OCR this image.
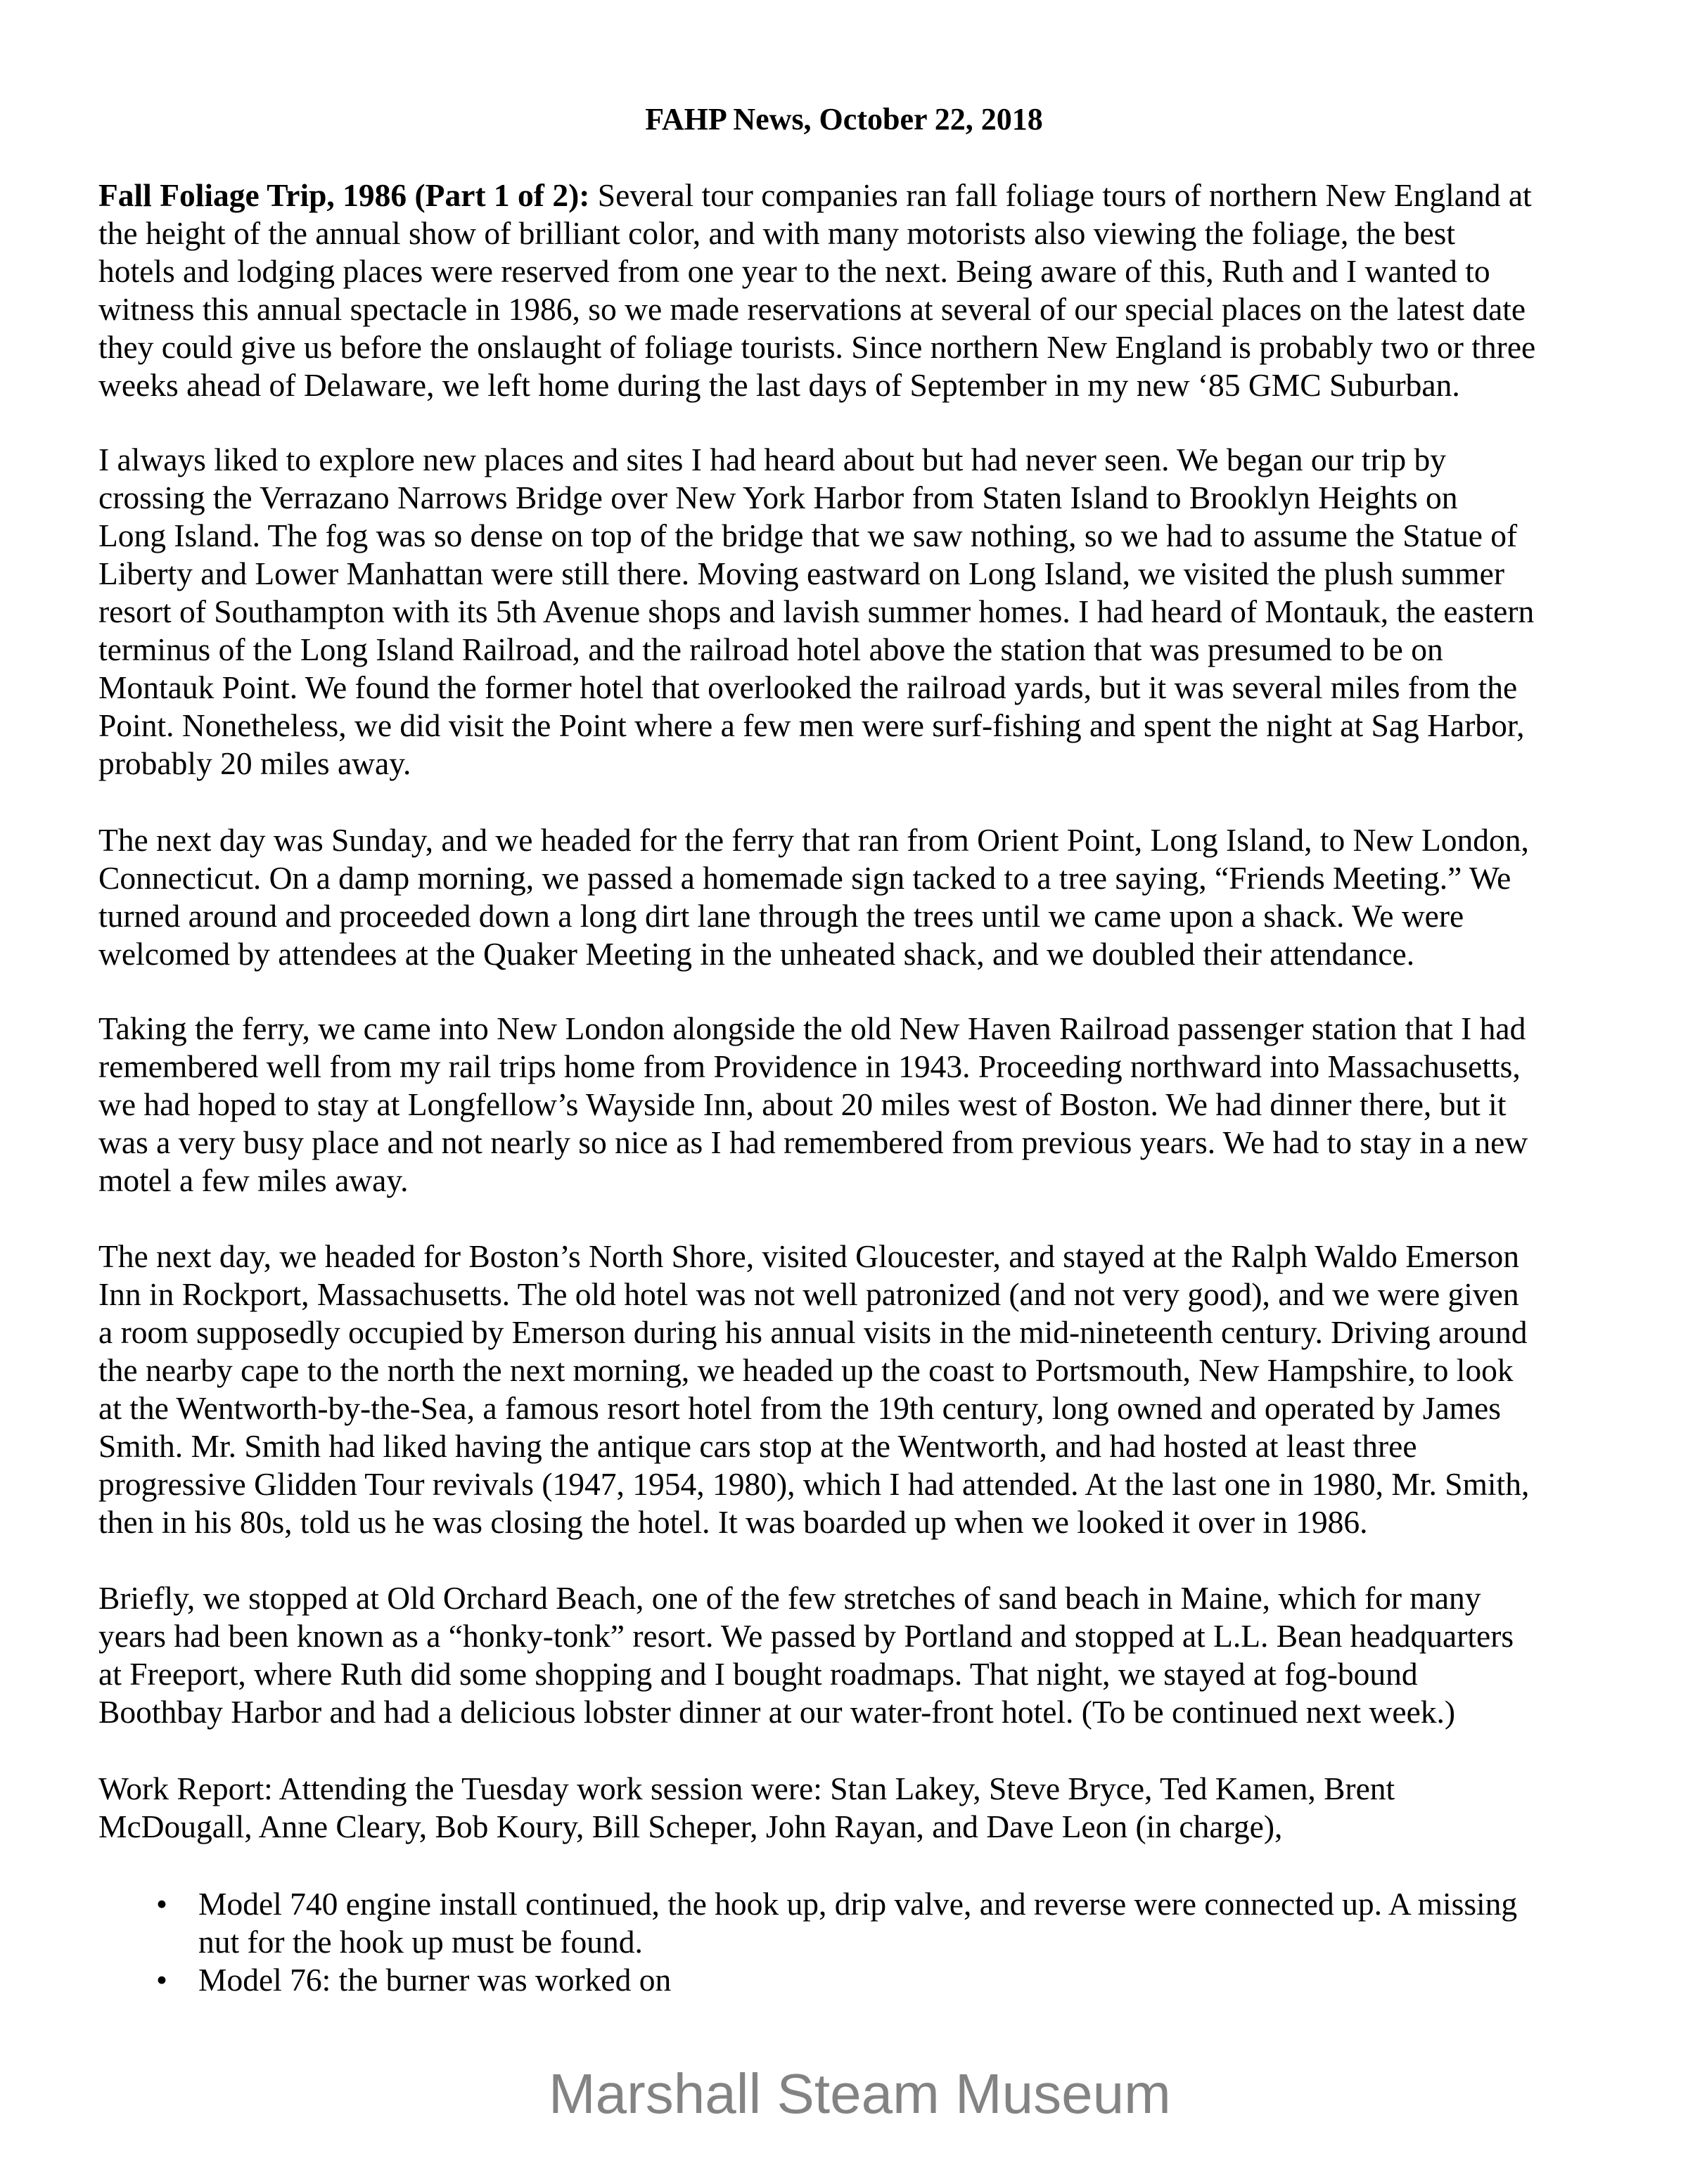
FAHP News, October 22, 2018
Fall Foliage Trip, 1986 (Part 1 of 2): Several tour companies ran fall foliage tours of northern New England at
the height of the annual show of brilliant color, and with many motorists also viewing the foliage, the best
hotels and lodging places were reserved from one year to the next. Being aware of this, Ruth and I wanted to
witness this annual spectacle in 1986, so we made reservations at several of our special places on the latest date
they could give us before the onslaught of foliage tourists. Since northern New England is probably two or three
weeks ahead of Delaware, we left home during the last days of September in my new ‘85 GMC Suburban.
I always liked to explore new places and sites I had heard about but had never seen. We began our trip by
crossing the Verrazano Narrows Bridge over New York Harbor from Staten Island to Brooklyn Heights on
Long Island. The fog was so dense on top of the bridge that we saw nothing, so we had to assume the Statue of
Liberty and Lower Manhattan were still there. Moving eastward on Long Island, we visited the plush summer
resort of Southampton with its 5th Avenue shops and lavish summer homes. I had heard of Montauk, the eastern
terminus of the Long Island Railroad, and the railroad hotel above the station that was presumed to be on
Montauk Point. We found the former hotel that overlooked the railroad yards, but it was several miles from the
Point. Nonetheless, we did visit the Point where a few men were surf-fishing and spent the night at Sag Harbor,
probably 20 miles away.
The next day was Sunday, and we headed for the ferry that ran from Orient Point, Long Island, to New London,
Connecticut. On a damp morning, we passed a homemade sign tacked to a tree saying, “Friends Meeting.” We
turned around and proceeded down a long dirt lane through the trees until we came upon a shack. We were
welcomed by attendees at the Quaker Meeting in the unheated shack, and we doubled their attendance.
Taking the ferry, we came into New London alongside the old New Haven Railroad passenger station that I had
remembered well from my rail trips home from Providence in 1943. Proceeding northward into Massachusetts,
we had hoped to stay at Longfellow’s Wayside Inn, about 20 miles west of Boston. We had dinner there, but it
was a very busy place and not nearly so nice as I had remembered from previous years. We had to stay in a new
motel a few miles away.
The next day, we headed for Boston’s North Shore, visited Gloucester, and stayed at the Ralph Waldo Emerson
Inn in Rockport, Massachusetts. The old hotel was not well patronized (and not very good), and we were given
a room supposedly occupied by Emerson during his annual visits in the mid-nineteenth century. Driving around
the nearby cape to the north the next morning, we headed up the coast to Portsmouth, New Hampshire, to look
at the Wentworth-by-the-Sea, a famous resort hotel from the 19th century, long owned and operated by James
Smith. Mr. Smith had liked having the antique cars stop at the Wentworth, and had hosted at least three
progressive Glidden Tour revivals (1947, 1954, 1980), which I had attended. At the last one in 1980, Mr. Smith,
then in his 80s, told us he was closing the hotel. It was boarded up when we looked it over in 1986.
Briefly, we stopped at Old Orchard Beach, one of the few stretches of sand beach in Maine, which for many
years had been known as a “honky-tonk” resort. We passed by Portland and stopped at L.L. Bean headquarters
at Freeport, where Ruth did some shopping and I bought roadmaps. That night, we stayed at fog-bound
Boothbay Harbor and had a delicious lobster dinner at our water-front hotel. (To be continued next week.)
Work Report: Attending the Tuesday work session were: Stan Lakey, Steve Bryce, Ted Kamen, Brent
McDougall, Anne Cleary, Bob Koury, Bill Scheper, John Rayan, and Dave Leon (in charge),
• Model 740 engine install continued, the hook up, drip valve, and reverse were connected up. A missing
nut for the hook up must be found.
• Model 76: the burner was worked on
Marshall Steam Museum
